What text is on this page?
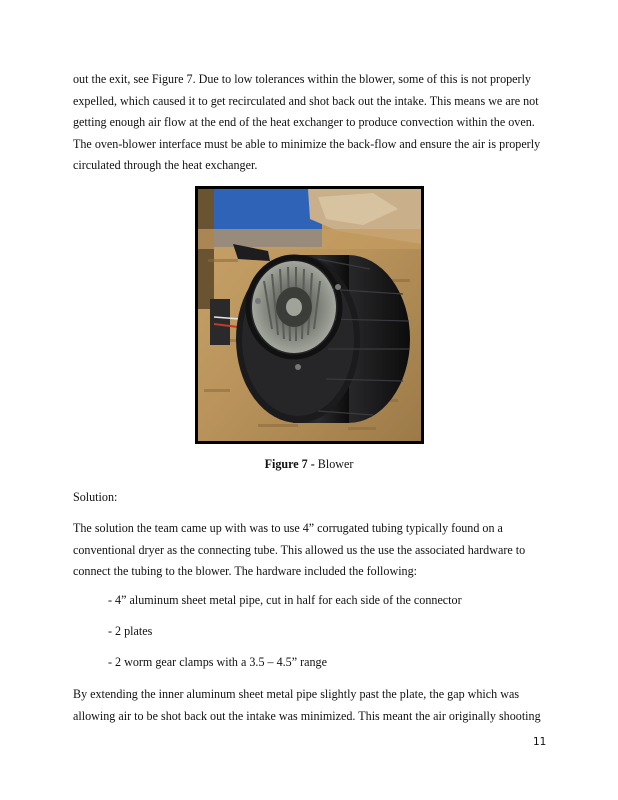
out the exit, see Figure 7. Due to low tolerances within the blower, some of this is not properly
expelled, which caused it to get recirculated and shot back out the intake. This means we are not
getting enough air flow at the end of the heat exchanger to produce convection within the oven.
The oven-blower interface must be able to minimize the back-flow and ensure the air is properly
circulated through the heat exchanger.

Figure 7 - Blower

Solution:

The solution the team came up with was to use 4” corrugated tubing typically found on a
conventional dryer as the connecting tube. This allowed us the use the associated hardware to
connect the tubing to the blower. The hardware included the following:

- 4” aluminum sheet metal pipe, cut in half for each side of the connector

- 2 plates

- 2 worm gear clamps with a 3.5 – 4.5” range

By extending the inner aluminum sheet metal pipe slightly past the plate, the gap which was
allowing air to be shot back out the intake was minimized. This meant the air originally shooting

11
